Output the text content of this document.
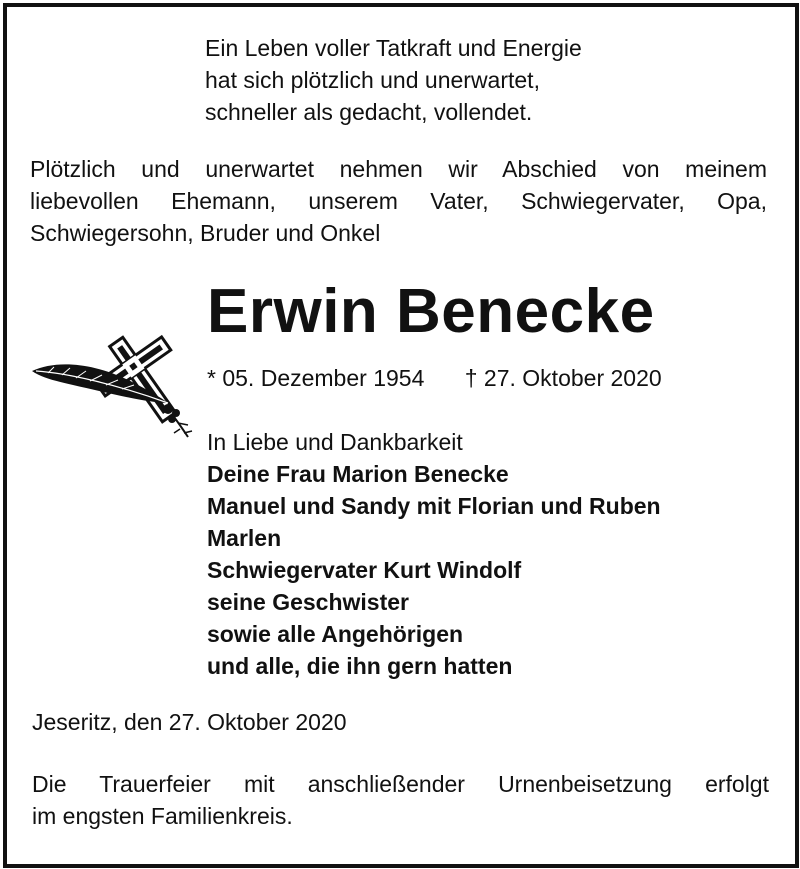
Ein Leben voller Tatkraft und Energie
hat sich plötzlich und unerwartet,
schneller als gedacht, vollendet.
Plötzlich und unerwartet nehmen wir Abschied von meinem
liebevollen Ehemann, unserem Vater, Schwiegervater, Opa,
Schwiegersohn, Bruder und Onkel
Erwin Benecke
* 05. Dezember 1954 † 27. Oktober 2020
In Liebe und Dankbarkeit
Deine Frau Marion Benecke
Manuel und Sandy mit Florian und Ruben
Marlen
Schwiegervater Kurt Windolf
seine Geschwister
sowie alle Angehörigen
und alle, die ihn gern hatten
Jeseritz, den 27. Oktober 2020
Die Trauerfeier mit anschließender Urnenbeisetzung erfolgt
im engsten Familienkreis.
